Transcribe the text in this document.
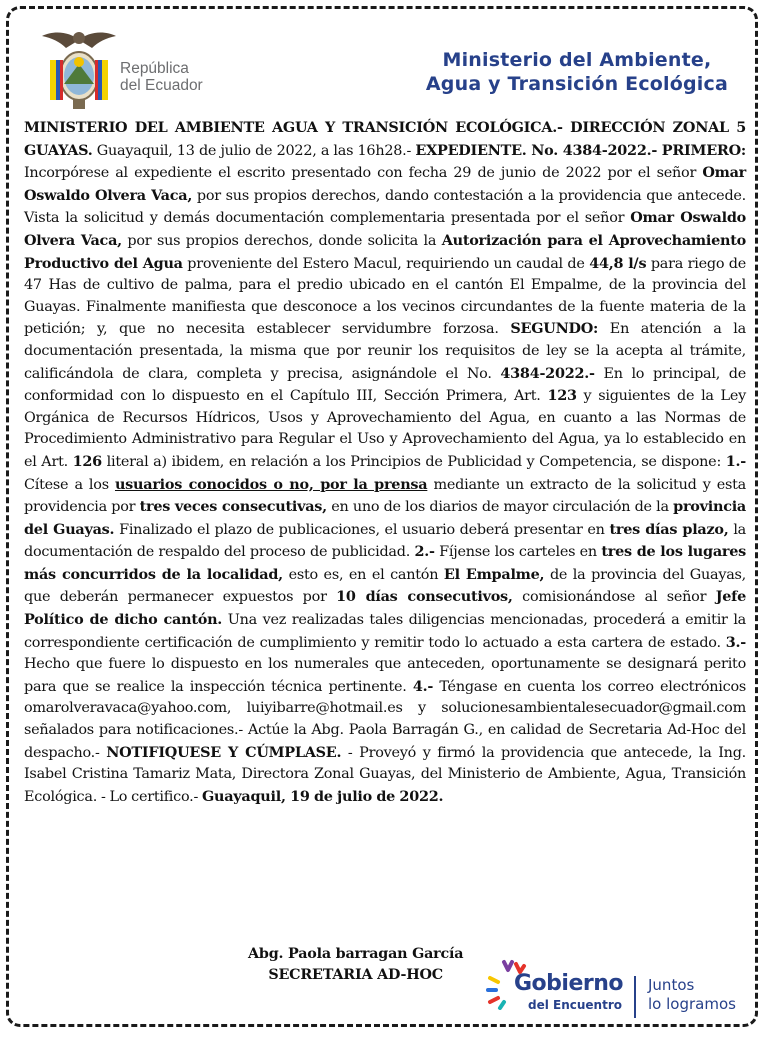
República
del Ecuador
Ministerio del Ambiente,
Agua y Transición Ecológica
MINISTERIO DEL AMBIENTE AGUA Y TRANSICIÓN ECOLÓGICA.- DIRECCIÓN ZONAL 5 GUAYAS. Guayaquil, 13 de julio de 2022, a las 16h28.- EXPEDIENTE. No. 4384-2022.- PRIMERO: Incorpórese al expediente el escrito presentado con fecha 29 de junio de 2022 por el señor Omar Oswaldo Olvera Vaca, por sus propios derechos, dando contestación a la providencia que antecede. Vista la solicitud y demás documentación complementaria presentada por el señor Omar Oswaldo Olvera Vaca, por sus propios derechos, donde solicita la Autorización para el Aprovechamiento Productivo del Agua proveniente del Estero Macul, requiriendo un caudal de 44,8 l/s para riego de 47 Has de cultivo de palma, para el predio ubicado en el cantón El Empalme, de la provincia del Guayas. Finalmente manifiesta que desconoce a los vecinos circundantes de la fuente materia de la petición; y, que no necesita establecer servidumbre forzosa. SEGUNDO: En atención a la documentación presentada, la misma que por reunir los requisitos de ley se la acepta al trámite, calificándola de clara, completa y precisa, asignándole el No. 4384-2022.- En lo principal, de conformidad con lo dispuesto en el Capítulo III, Sección Primera, Art. 123 y siguientes de la Ley Orgánica de Recursos Hídricos, Usos y Aprovechamiento del Agua, en cuanto a las Normas de Procedimiento Administrativo para Regular el Uso y Aprovechamiento del Agua, ya lo establecido en el Art. 126 literal a) ibidem, en relación a los Principios de Publicidad y Competencia, se dispone: 1.- Cítese a los usuarios conocidos o no, por la prensa mediante un extracto de la solicitud y esta providencia por tres veces consecutivas, en uno de los diarios de mayor circulación de la provincia del Guayas. Finalizado el plazo de publicaciones, el usuario deberá presentar en tres días plazo, la documentación de respaldo del proceso de publicidad. 2.- Fíjense los carteles en tres de los lugares más concurridos de la localidad, esto es, en el cantón El Empalme, de la provincia del Guayas, que deberán permanecer expuestos por 10 días consecutivos, comisionándose al señor Jefe Político de dicho cantón. Una vez realizadas tales diligencias mencionadas, procederá a emitir la correspondiente certificación de cumplimiento y remitir todo lo actuado a esta cartera de estado. 3.- Hecho que fuere lo dispuesto en los numerales que anteceden, oportunamente se designará perito para que se realice la inspección técnica pertinente. 4.- Téngase en cuenta los correo electrónicos omarolveravaca@yahoo.com, luiyibarre@hotmail.es y solucionesambientalesecuador@gmail.com señalados para notificaciones.- Actúe la Abg. Paola Barragán G., en calidad de Secretaria Ad-Hoc del despacho.- NOTIFIQUESE Y CÚMPLASE. - Proveyó y firmó la providencia que antecede, la Ing. Isabel Cristina Tamariz Mata, Directora Zonal Guayas, del Ministerio de Ambiente, Agua, Transición Ecológica. - Lo certifico.- Guayaquil, 19 de julio de 2022.
Abg. Paola barragan García
SECRETARIA AD-HOC	Gobierno
del Encuentro
Juntos
lo logramos
